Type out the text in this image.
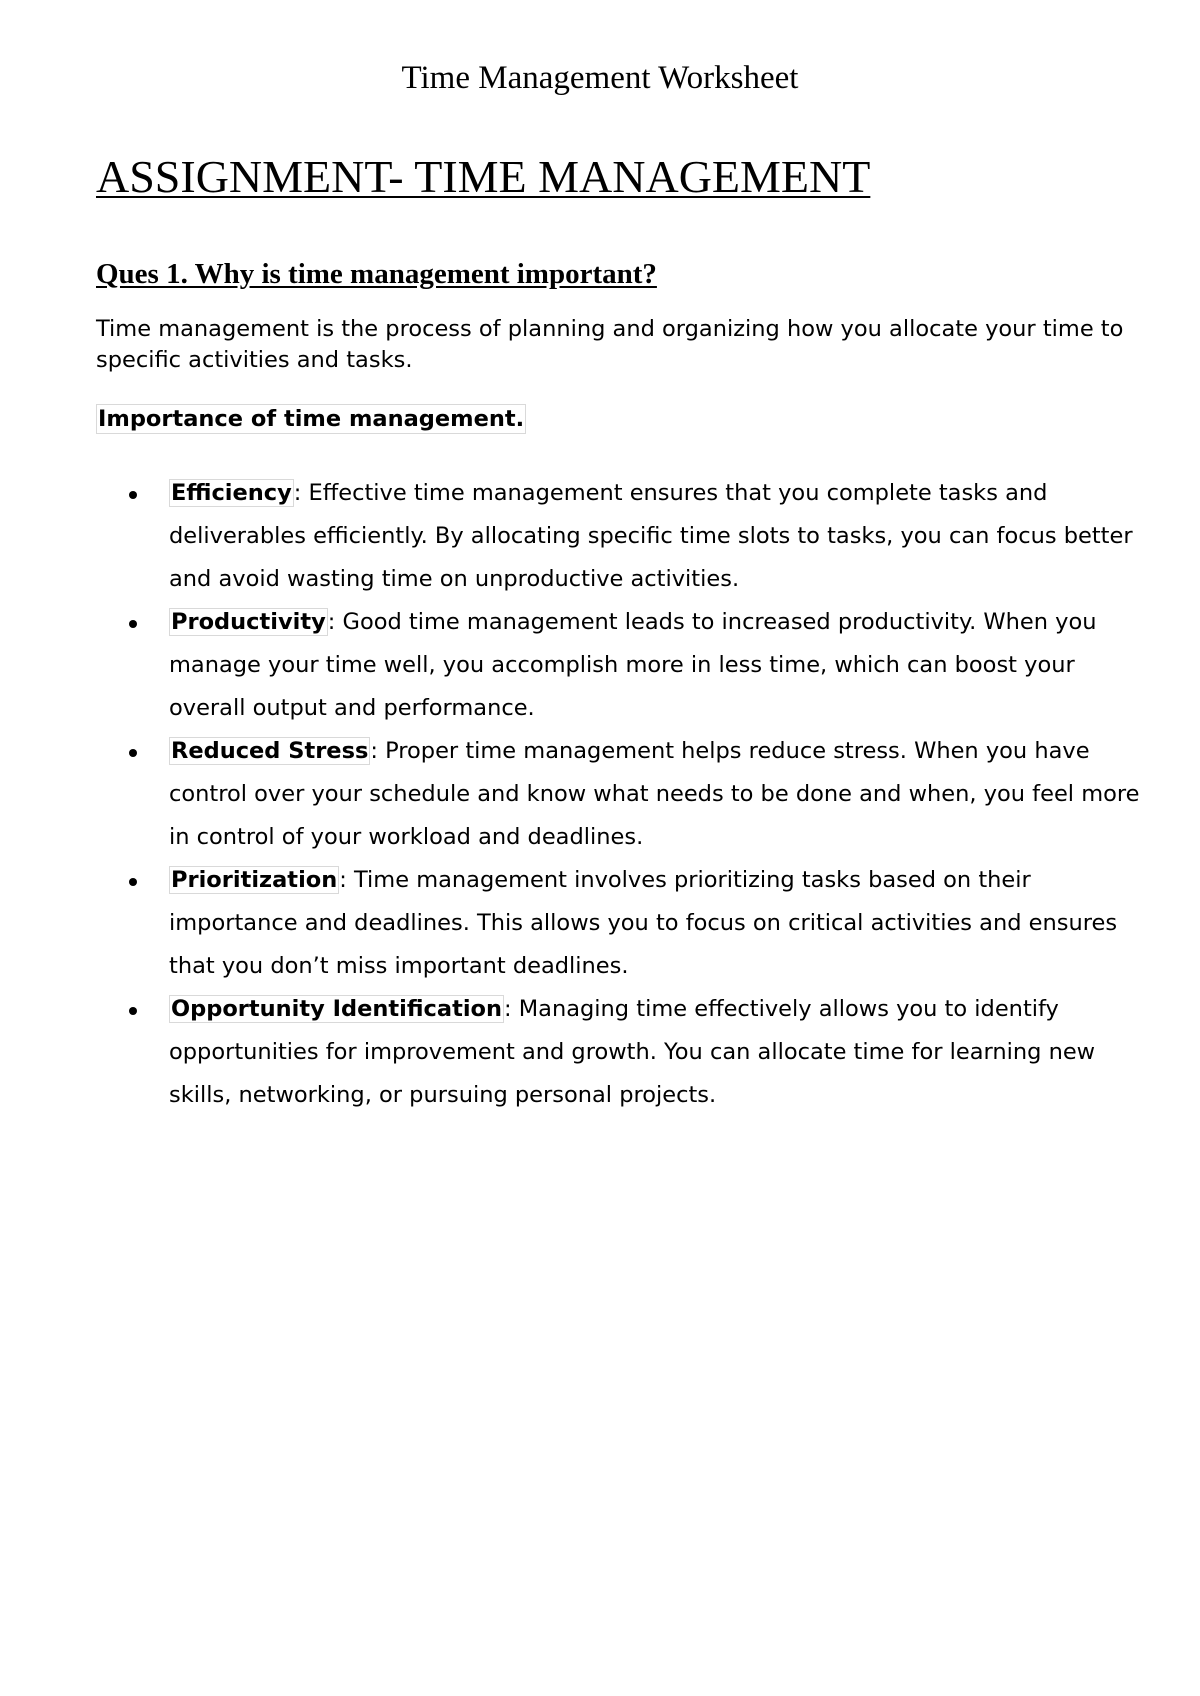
Time Management Worksheet
ASSIGNMENT- TIME MANAGEMENT
Ques 1. Why is time management important?

Time management is the process of planning and organizing how you allocate your time to specific activities and tasks.

Importance of time management.
Efficiency: Effective time management ensures that you complete tasks and deliverables efficiently. By allocating specific time slots to tasks, you can focus better and avoid wasting time on unproductive activities.
Productivity: Good time management leads to increased productivity. When you manage your time well, you accomplish more in less time, which can boost your overall output and performance.
Reduced Stress: Proper time management helps reduce stress. When you have control over your schedule and know what needs to be done and when, you feel more in control of your workload and deadlines.
Prioritization: Time management involves prioritizing tasks based on their importance and deadlines. This allows you to focus on critical activities and ensures that you don’t miss important deadlines.
Opportunity Identification: Managing time effectively allows you to identify opportunities for improvement and growth. You can allocate time for learning new skills, networking, or pursuing personal projects.
